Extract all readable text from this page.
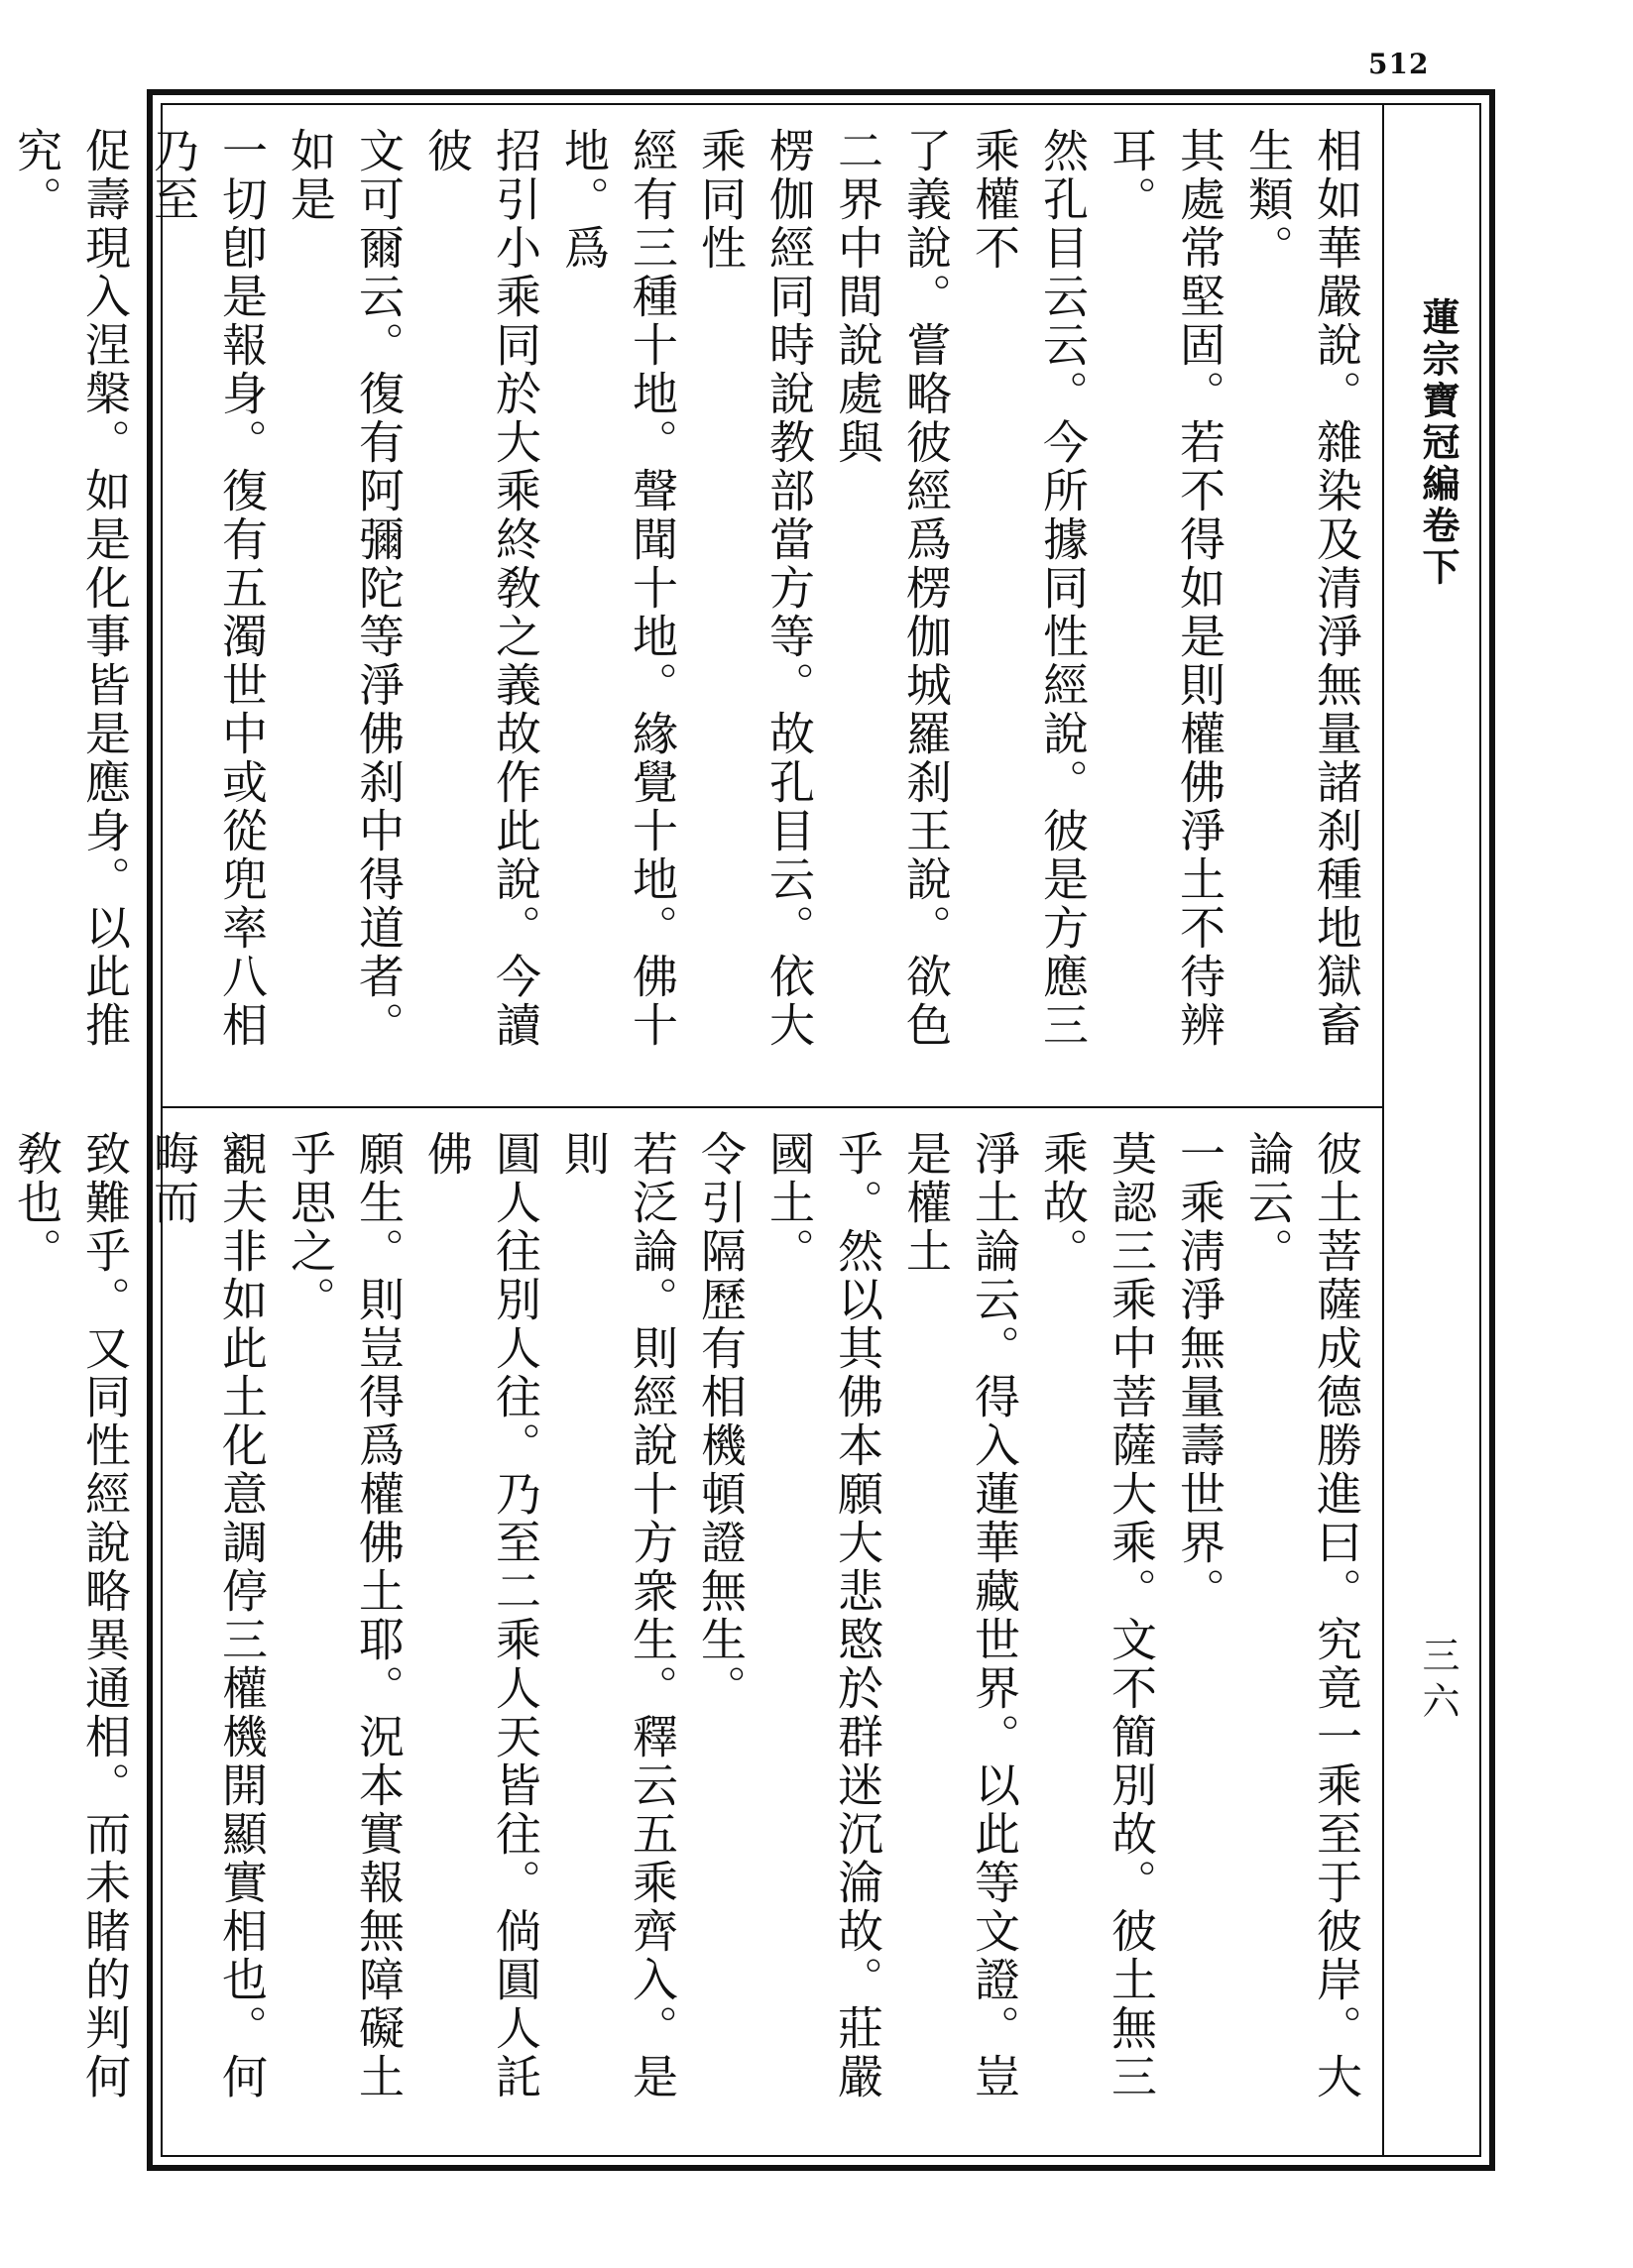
512
蓮宗寶冠編卷下
三六
相如華嚴說。雜染及清淨無量諸刹種地獄畜生類。
其處常堅固。若不得如是則權佛淨土不待辨耳。
然孔目云云。今所據同性經說。彼是方應三乘權不
了義說。嘗略彼經爲楞伽城羅刹王說。欲色二界中間說處與
楞伽經同時說教部當方等。故孔目云。依大乘同性
經有三種十地。聲聞十地。緣覺十地。佛十地。爲
招引小乘同於大乘終敎之義故作此說。今讀彼
文可爾云。復有阿彌陀等淨佛刹中得道者。如是
一切卽是報身。復有五濁世中或從兜率八相乃至
促壽現入涅槃。如是化事皆是應身。以此推究。
彼土菩薩成德勝進曰。究竟一乘至于彼岸。大論云。
一乘淸淨無量壽世界。
莫認三乘中菩薩大乘。文不簡別故。彼土無三
乘故。
淨土論云。得入蓮華藏世界。以此等文證。豈是權土
乎。然以其佛本願大悲愍於群迷沉淪故。莊嚴國土。
令引隔歷有相機頓證無生。
若泛論。則經說十方衆生。釋云五乘齊入。是則
圓人往別人往。乃至二乘人天皆往。倘圓人託佛
願生。則豈得爲權佛土耶。況本實報無障礙土
乎思之。
覾夫非如此土化意調停三權機開顯實相也。何晦而
致難乎。又同性經說略異通相。而未睹的判何敎也。
